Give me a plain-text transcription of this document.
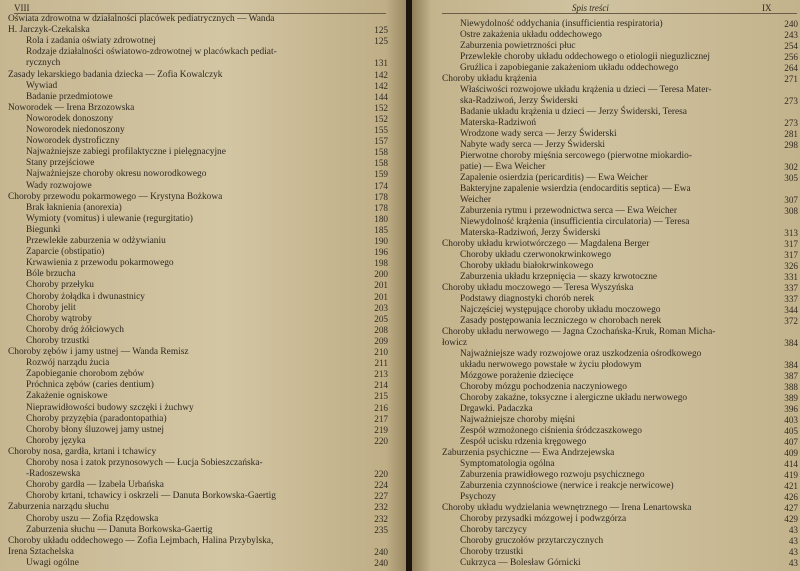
VIII
Oświata zdrowotna w działalności placówek pediatrycznych — Wanda
H. Jarczyk-Czekalska	125
Rola i zadania oświaty zdrowotnej	125
Rodzaje działalności oświatowo-zdrowotnej w placówkach pediat-
rycznych	131
Zasady lekarskiego badania dziecka — Zofia Kowalczyk	142
Wywiad	142
Badanie przedmiotowe	144
Noworodek — Irena Brzozowska	152
Noworodek donoszony	152
Noworodek niedonoszony	155
Noworodek dystroficzny	157
Najważniejsze zabiegi profilaktyczne i pielęgnacyjne	158
Stany przejściowe	158
Najważniejsze choroby okresu noworodkowego	159
Wady rozwojowe	174
Choroby przewodu pokarmowego — Krystyna Bożkowa	178
Brak łaknienia (anorexia)	178
Wymioty (vomitus) i ulewanie (regurgitatio)	180
Biegunki	185
Przewlekłe zaburzenia w odżywianiu	190
Zaparcie (obstipatio)	196
Krwawienia z przewodu pokarmowego	198
Bóle brzucha	200
Choroby przełyku	201
Choroby żołądka i dwunastnicy	201
Choroby jelit	203
Choroby wątroby	205
Choroby dróg żółciowych	208
Choroby trzustki	209
Choroby zębów i jamy ustnej — Wanda Remisz	210
Rozwój narządu żucia	211
Zapobieganie chorobom zębów	213
Próchnica zębów (caries dentium)	214
Zakażenie ogniskowe	215
Nieprawidłowości budowy szczęki i żuchwy	216
Choroby przyzębia (paradontopathia)	217
Choroby błony śluzowej jamy ustnej	219
Choroby języka	220
Choroby nosa, gardła, krtani i tchawicy
Choroby nosa i zatok przynosowych — Łucja Sobieszczańska-
-Radoszewska	220
Choroby gardła — Izabela Urbańska	224
Choroby krtani, tchawicy i oskrzeli — Danuta Borkowska-Gaertig	227
Zaburzenia narządu słuchu	232
Choroby uszu — Zofia Rzędowska	232
Zaburzenia słuchu — Danuta Borkowska-Gaertig	235
Choroby układu oddechowego — Zofia Lejmbach, Halina Przybylska,
Irena Sztachelska	240
Uwagi ogólne	240
Spis treści	IX
Niewydolność oddychania (insufficientia respiratoria)	240
Ostre zakażenia układu oddechowego	243
Zaburzenia powietrzności płuc	254
Przewlekłe choroby układu oddechowego o etiologii nieguzlicznej	256
Gruźlica i zapobieganie zakażeniom układu oddechowego	264
Choroby układu krążenia	271
Właściwości rozwojowe układu krążenia u dzieci — Teresa Mater-
ska-Radziwoń, Jerzy Świderski	273
Badanie układu krążenia u dzieci — Jerzy Świderski, Teresa
Materska-Radziwoń	273
Wrodzone wady serca — Jerzy Świderski	281
Nabyte wady serca — Jerzy Świderski	298
Pierwotne choroby mięśnia sercowego (pierwotne miokardio-
patie) — Ewa Weicher	302
Zapalenie osierdzia (pericarditis) — Ewa Weicher	305
Bakteryjne zapalenie wsierdzia (endocarditis septica) — Ewa
Weicher	307
Zaburzenia rytmu i przewodnictwa serca — Ewa Weicher	308
Niewydolność krążenia (insufficientia circulatoria) — Teresa
Materska-Radziwoń, Jerzy Świderski	313
Choroby układu krwiotwórczego — Magdalena Berger	317
Choroby układu czerwonokrwinkowego	317
Choroby układu białokrwinkowego	326
Zaburzenia układu krzepnięcia — skazy krwotoczne	331
Choroby układu moczowego — Teresa Wyszyńska	337
Podstawy diagnostyki chorób nerek	337
Najczęściej występujące choroby układu moczowego	344
Zasady postępowania leczniczego w chorobach nerek	372
Choroby układu nerwowego — Jagna Czochańska-Kruk, Roman Micha-
łowicz	384
Najważniejsze wady rozwojowe oraz uszkodzenia ośrodkowego
układu nerwowego powstałe w życiu płodowym	384
Mózgowe porażenie dziecięce	387
Choroby mózgu pochodzenia naczyniowego	388
Choroby zakaźne, toksyczne i alergiczne układu nerwowego	389
Drgawki. Padaczka	396
Najważniejsze choroby mięśni	403
Zespół wzmożonego ciśnienia śródczaszkowego	405
Zespół ucisku rdzenia kręgowego	407
Zaburzenia psychiczne — Ewa Andrzejewska	409
Symptomatologia ogólna	414
Zaburzenia prawidłowego rozwoju psychicznego	419
Zaburzenia czynnościowe (nerwice i reakcje nerwicowe)	421
Psychozy	426
Choroby układu wydzielania wewnętrznego — Irena Lenartowska	427
Choroby przysadki mózgowej i podwzgórza	429
Choroby tarczycy	43
Choroby gruczołów przytarczycznych	43
Choroby trzustki	43
Cukrzyca — Bolesław Górnicki	43
